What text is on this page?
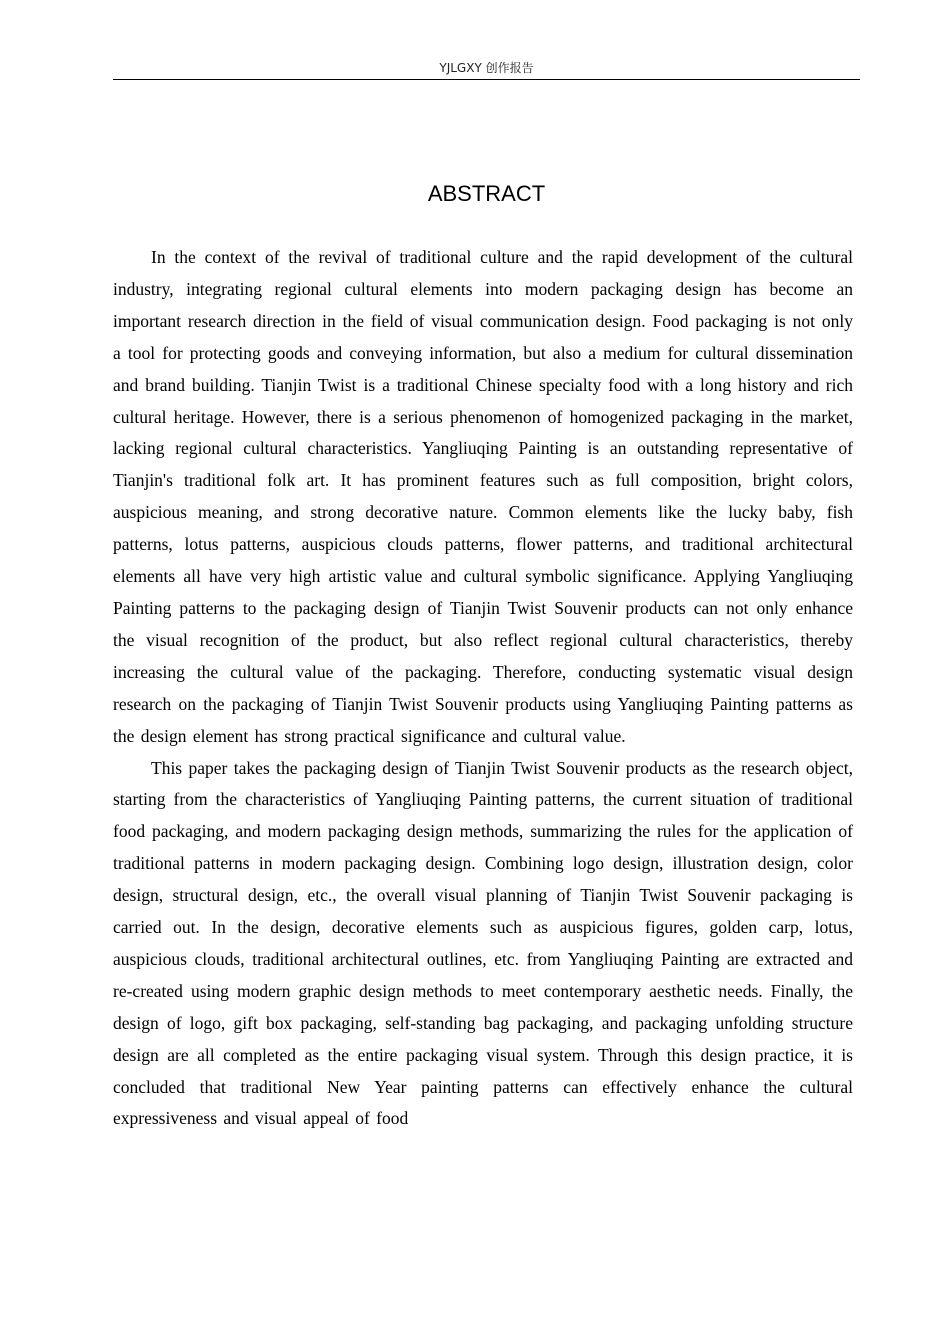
YJLGXY 创作报告
ABSTRACT

In the context of the revival of traditional culture and the rapid development of the cultural industry, integrating regional cultural elements into modern packaging design has become an important research direction in the field of visual communication design. Food packaging is not only a tool for protecting goods and conveying information, but also a medium for cultural dissemination and brand building. Tianjin Twist is a traditional Chinese specialty food with a long history and rich cultural heritage. However, there is a serious phenomenon of homogenized packaging in the market, lacking regional cultural characteristics. Yangliuqing Painting is an outstanding representative of Tianjin's traditional folk art. It has prominent features such as full composition, bright colors, auspicious meaning, and strong decorative nature. Common elements like the lucky baby, fish patterns, lotus patterns, auspicious clouds patterns, flower patterns, and traditional architectural elements all have very high artistic value and cultural symbolic significance. Applying Yangliuqing Painting patterns to the packaging design of Tianjin Twist Souvenir products can not only enhance the visual recognition of the product, but also reflect regional cultural characteristics, thereby increasing the cultural value of the packaging. Therefore, conducting systematic visual design research on the packaging of Tianjin Twist Souvenir products using Yangliuqing Painting patterns as the design element has strong practical significance and cultural value.

This paper takes the packaging design of Tianjin Twist Souvenir products as the research object, starting from the characteristics of Yangliuqing Painting patterns, the current situation of traditional food packaging, and modern packaging design methods, summarizing the rules for the application of traditional patterns in modern packaging design. Combining logo design, illustration design, color design, structural design, etc., the overall visual planning of Tianjin Twist Souvenir packaging is carried out. In the design, decorative elements such as auspicious figures, golden carp, lotus, auspicious clouds, traditional architectural outlines, etc. from Yangliuqing Painting are extracted and re-created using modern graphic design methods to meet contemporary aesthetic needs. Finally, the design of logo, gift box packaging, self-standing bag packaging, and packaging unfolding structure design are all completed as the entire packaging visual system. Through this design practice, it is concluded that traditional New Year painting patterns can effectively enhance the cultural expressiveness and visual appeal of food
